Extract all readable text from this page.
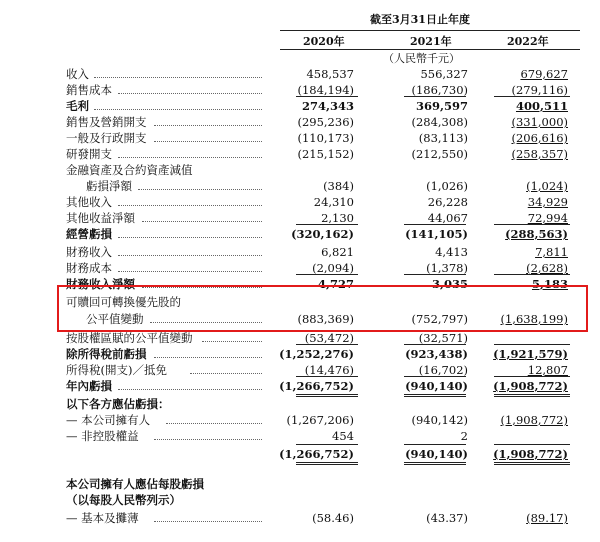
截至3月31日止年度
2020年	2021年	2022年
（人民幣千元）
收入	458,537	556,327	679,627
銷售成本	(184,194)	(186,730)	(279,116)
毛利	274,343	369,597	400,511
銷售及營銷開支	(295,236)	(284,308)	(331,000)
一般及行政開支	(110,173)	(83,113)	(206,616)
研發開支	(215,152)	(212,550)	(258,357)
金融資產及合約資產減值
虧損淨額	(384)	(1,026)	(1,024)
其他收入	24,310	26,228	34,929
其他收益淨額	2,130	44,067	72,994
經營虧損	(320,162)	(141,105)	(288,563)
財務收入	6,821	4,413	7,811
財務成本	(2,094)	(1,378)	(2,628)
財務收入淨額	4,727	3,035	5,183
可贖回可轉換優先股的
公平值變動	(883,369)	(752,797)	(1,638,199)
按股權區賦的公平值變動	(53,472)	(32,571)
除所得稅前虧損	(1,252,276)	(923,438)	(1,921,579)
所得稅(開支)／抵免	(14,476)	(16,702)	12,807
年內虧損	(1,266,752)	(940,140)	(1,908,772)
以下各方應佔虧損：
— 本公司擁有人	(1,267,206)	(940,142)	(1,908,772)
— 非控股權益	454	2
(1,266,752)	(940,140)	(1,908,772)
本公司擁有人應佔每股虧損
（以每股人民幣列示）
— 基本及攤薄	(58.46)	(43.37)	(89.17)
